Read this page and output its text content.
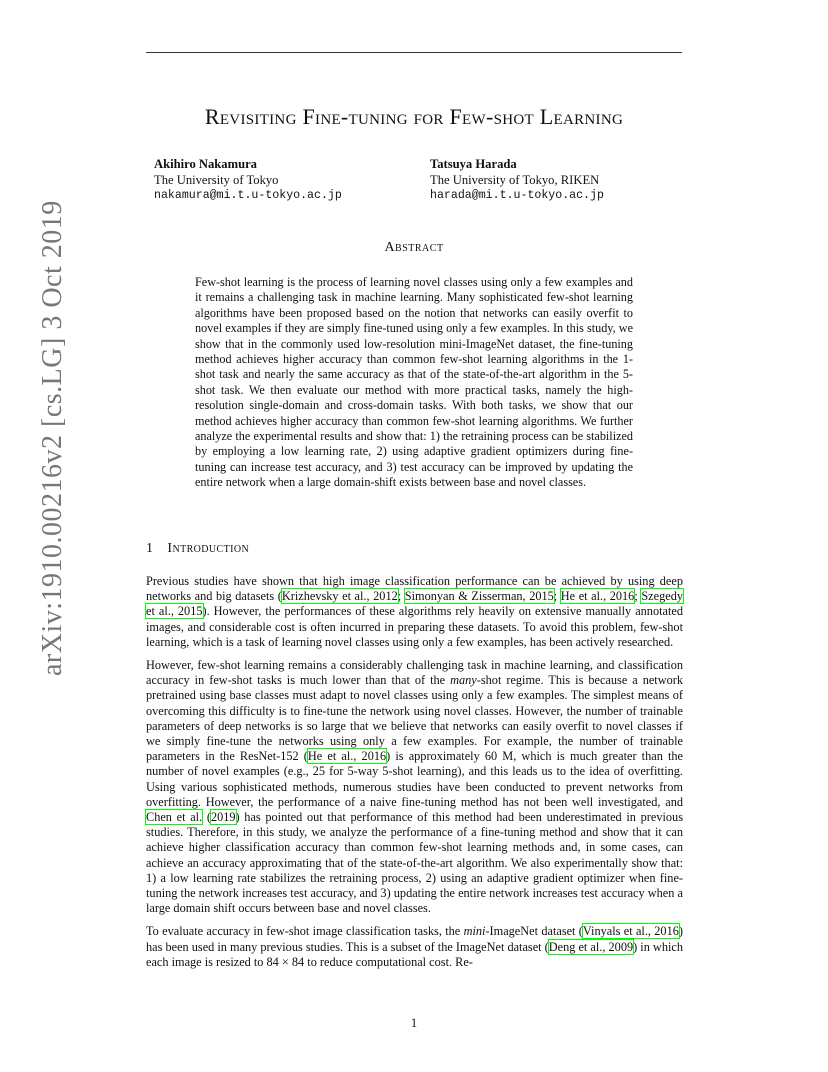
arXiv:1910.00216v2 [cs.LG] 3 Oct 2019
Revisiting Fine-tuning for Few-shot Learning
Akihiro Nakamura
The University of Tokyo
nakamura@mi.t.u-tokyo.ac.jp
Tatsuya Harada
The University of Tokyo, RIKEN
harada@mi.t.u-tokyo.ac.jp
Abstract

Few-shot learning is the process of learning novel classes using only a few examples and it remains a challenging task in machine learning. Many sophisticated few-shot learning algorithms have been proposed based on the notion that networks can easily overfit to novel examples if they are simply fine-tuned using only a few examples. In this study, we show that in the commonly used low-resolution mini-ImageNet dataset, the fine-tuning method achieves higher accuracy than common few-shot learning algorithms in the 1-shot task and nearly the same accuracy as that of the state-of-the-art algorithm in the 5-shot task. We then evaluate our method with more practical tasks, namely the high-resolution single-domain and cross-domain tasks. With both tasks, we show that our method achieves higher accuracy than common few-shot learning algorithms. We further analyze the experimental results and show that: 1) the retraining process can be stabilized by employing a low learning rate, 2) using adaptive gradient optimizers during fine-tuning can increase test accuracy, and 3) test accuracy can be improved by updating the entire network when a large domain-shift exists between base and novel classes.

1 Introduction

Previous studies have shown that high image classification performance can be achieved by using deep networks and big datasets (Krizhevsky et al., 2012; Simonyan & Zisserman, 2015; He et al., 2016; Szegedy et al., 2015). However, the performances of these algorithms rely heavily on extensive manually annotated images, and considerable cost is often incurred in preparing these datasets. To avoid this problem, few-shot learning, which is a task of learning novel classes using only a few examples, has been actively researched.

However, few-shot learning remains a considerably challenging task in machine learning, and classification accuracy in few-shot tasks is much lower than that of the many-shot regime. This is because a network pretrained using base classes must adapt to novel classes using only a few examples. The simplest means of overcoming this difficulty is to fine-tune the network using novel classes. However, the number of trainable parameters of deep networks is so large that we believe that networks can easily overfit to novel classes if we simply fine-tune the networks using only a few examples. For example, the number of trainable parameters in the ResNet-152 (He et al., 2016) is approximately 60 M, which is much greater than the number of novel examples (e.g., 25 for 5-way 5-shot learning), and this leads us to the idea of overfitting. Using various sophisticated methods, numerous studies have been conducted to prevent networks from overfitting. However, the performance of a naive fine-tuning method has not been well investigated, and Chen et al. (2019) has pointed out that performance of this method had been underestimated in previous studies. Therefore, in this study, we analyze the performance of a fine-tuning method and show that it can achieve higher classification accuracy than common few-shot learning methods and, in some cases, can achieve an accuracy approximating that of the state-of-the-art algorithm. We also experimentally show that: 1) a low learning rate stabilizes the retraining process, 2) using an adaptive gradient optimizer when fine-tuning the network increases test accuracy, and 3) updating the entire network increases test accuracy when a large domain shift occurs between base and novel classes.

To evaluate accuracy in few-shot image classification tasks, the mini-ImageNet dataset (Vinyals et al., 2016) has been used in many previous studies. This is a subset of the ImageNet dataset (Deng et al., 2009) in which each image is resized to 84 × 84 to reduce computational cost. Re-

1
